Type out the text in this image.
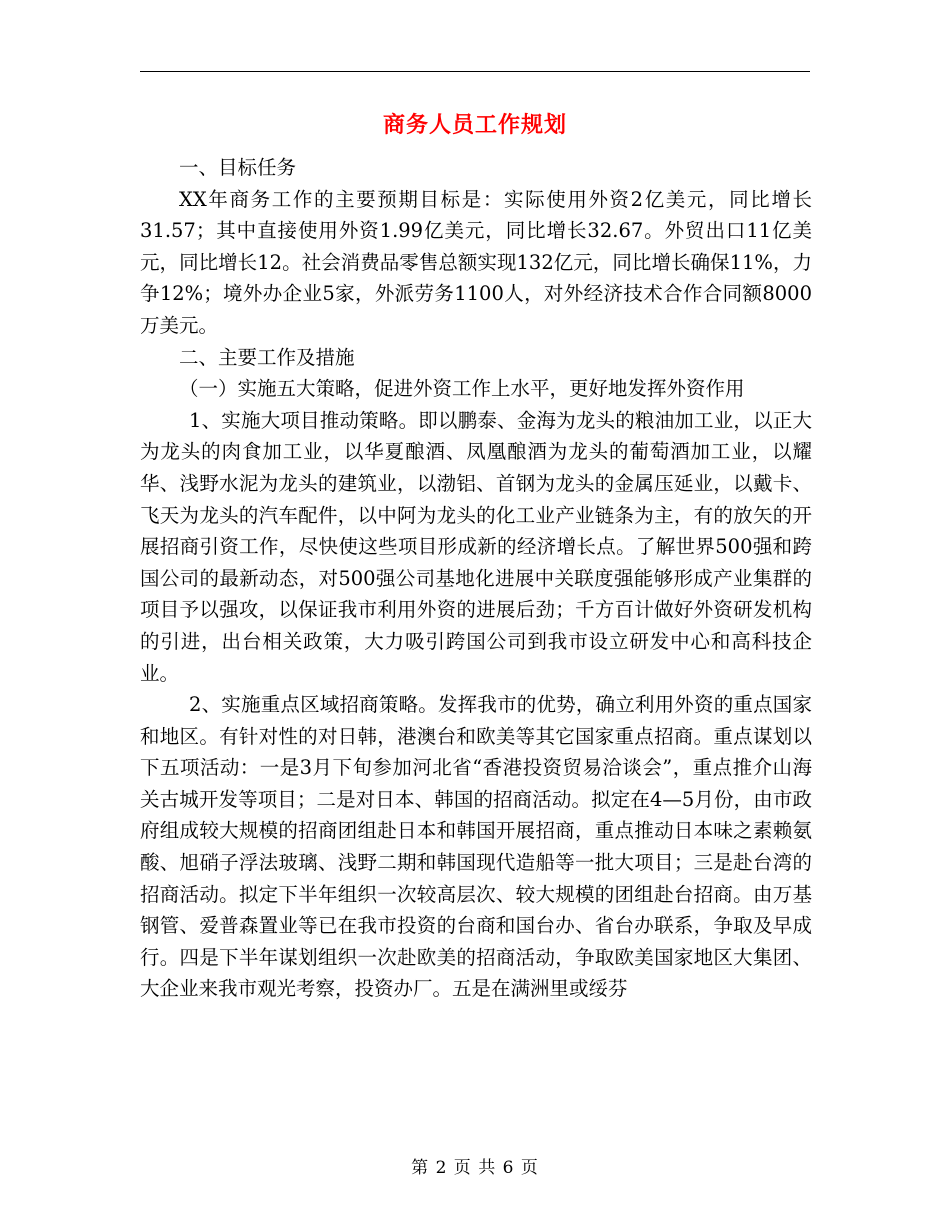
商务人员工作规划

一、目标任务

XX年商务工作的主要预期目标是：实际使用外资2亿美元，同比增长31.57；其中直接使用外资1.99亿美元，同比增长32.67。外贸出口11亿美元，同比增长12。社会消费品零售总额实现132亿元，同比增长确保11%，力争12%；境外办企业5家，外派劳务1100人，对外经济技术合作合同额8000万美元。

二、主要工作及措施

（一）实施五大策略，促进外资工作上水平，更好地发挥外资作用

1、实施大项目推动策略。即以鹏泰、金海为龙头的粮油加工业，以正大为龙头的肉食加工业，以华夏酿酒、凤凰酿酒为龙头的葡萄酒加工业，以耀华、浅野水泥为龙头的建筑业，以渤铝、首钢为龙头的金属压延业，以戴卡、飞天为龙头的汽车配件，以中阿为龙头的化工业产业链条为主，有的放矢的开展招商引资工作，尽快使这些项目形成新的经济增长点。了解世界500强和跨国公司的最新动态，对500强公司基地化进展中关联度强能够形成产业集群的项目予以强攻，以保证我市利用外资的进展后劲；千方百计做好外资研发机构的引进，出台相关政策，大力吸引跨国公司到我市设立研发中心和高科技企业。

2、实施重点区域招商策略。发挥我市的优势，确立利用外资的重点国家和地区。有针对性的对日韩，港澳台和欧美等其它国家重点招商。重点谋划以下五项活动：一是3月下旬参加河北省“香港投资贸易洽谈会”，重点推介山海关古城开发等项目；二是对日本、韩国的招商活动。拟定在4—5月份，由市政府组成较大规模的招商团组赴日本和韩国开展招商，重点推动日本味之素赖氨酸、旭硝子浮法玻璃、浅野二期和韩国现代造船等一批大项目；三是赴台湾的招商活动。拟定下半年组织一次较高层次、较大规模的团组赴台招商。由万基钢管、爱普森置业等已在我市投资的台商和国台办、省台办联系，争取及早成行。四是下半年谋划组织一次赴欧美的招商活动，争取欧美国家地区大集团、大企业来我市观光考察，投资办厂。五是在满洲里或绥芬

第 2 页 共 6 页
